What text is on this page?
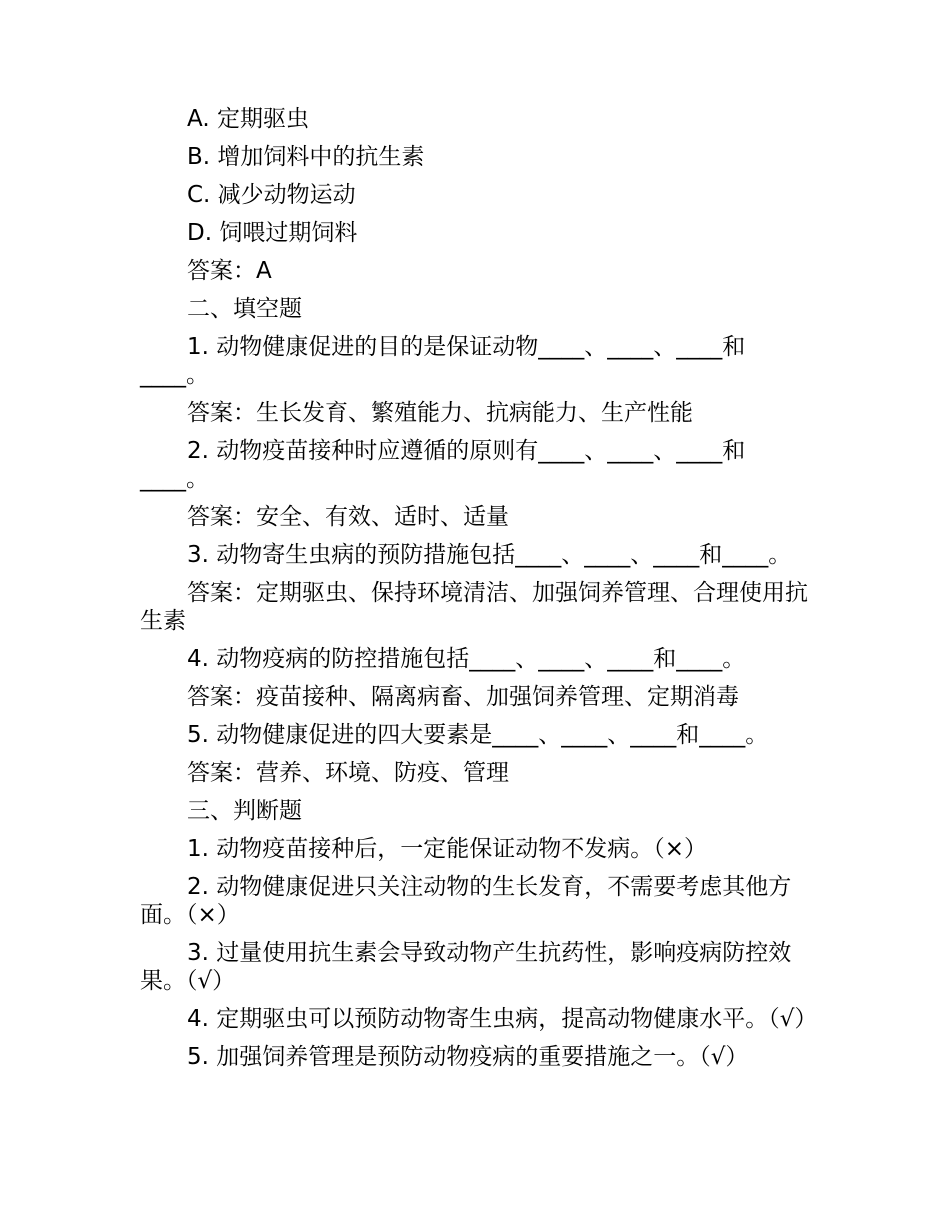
A. 定期驱虫
B. 增加饲料中的抗生素
C. 减少动物运动
D. 饲喂过期饲料
答案：A
二、填空题
1. 动物健康促进的目的是保证动物____、____、____和____。
答案：生长发育、繁殖能力、抗病能力、生产性能
2. 动物疫苗接种时应遵循的原则有____、____、____和____。
答案：安全、有效、适时、适量
3. 动物寄生虫病的预防措施包括____、____、____和____。
答案：定期驱虫、保持环境清洁、加强饲养管理、合理使用抗生素
4. 动物疫病的防控措施包括____、____、____和____。
答案：疫苗接种、隔离病畜、加强饲养管理、定期消毒
5. 动物健康促进的四大要素是____、____、____和____。
答案：营养、环境、防疫、管理
三、判断题
1. 动物疫苗接种后，一定能保证动物不发病。（×）
2. 动物健康促进只关注动物的生长发育，不需要考虑其他方面。（×）
3. 过量使用抗生素会导致动物产生抗药性，影响疫病防控效果。（√）
4. 定期驱虫可以预防动物寄生虫病，提高动物健康水平。（√）
5. 加强饲养管理是预防动物疫病的重要措施之一。（√）
